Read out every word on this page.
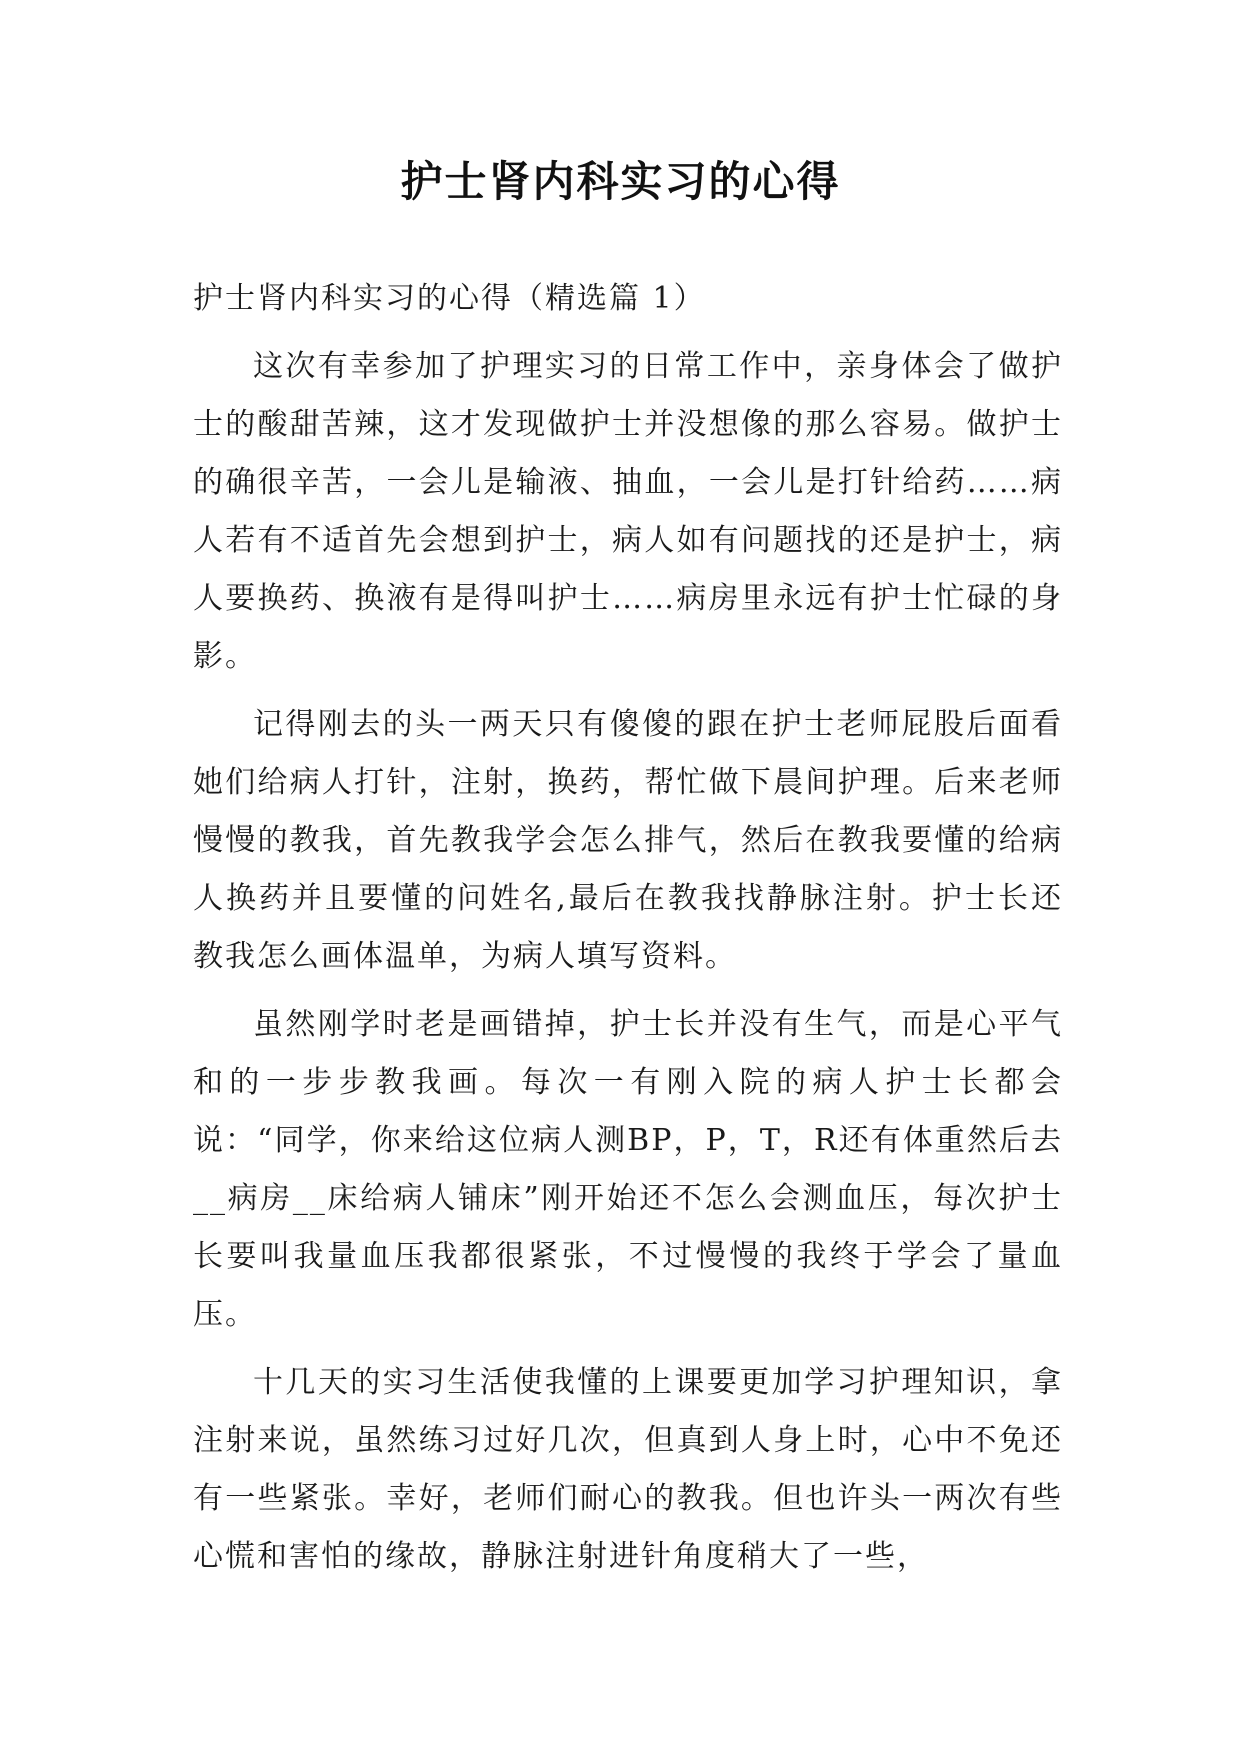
护士肾内科实习的心得

护士肾内科实习的心得（精选篇 1）

这次有幸参加了护理实习的日常工作中，亲身体会了做护士的酸甜苦辣，这才发现做护士并没想像的那么容易。做护士的确很辛苦，一会儿是输液、抽血，一会儿是打针给药……病人若有不适首先会想到护士，病人如有问题找的还是护士，病人要换药、换液有是得叫护士……病房里永远有护士忙碌的身影。

记得刚去的头一两天只有傻傻的跟在护士老师屁股后面看她们给病人打针，注射，换药，帮忙做下晨间护理。后来老师慢慢的教我，首先教我学会怎么排气，然后在教我要懂的给病人换药并且要懂的问姓名,最后在教我找静脉注射。护士长还教我怎么画体温单，为病人填写资料。

虽然刚学时老是画错掉，护士长并没有生气，而是心平气和的一步步教我画。每次一有刚入院的病人护士长都会说：“同学，你来给这位病人测BP，P，T，R还有体重然后去__病房__床给病人铺床”刚开始还不怎么会测血压，每次护士长要叫我量血压我都很紧张，不过慢慢的我终于学会了量血压。

十几天的实习生活使我懂的上课要更加学习护理知识，拿注射来说，虽然练习过好几次，但真到人身上时，心中不免还有一些紧张。幸好，老师们耐心的教我。但也许头一两次有些心慌和害怕的缘故，静脉注射进针角度稍大了一些，
